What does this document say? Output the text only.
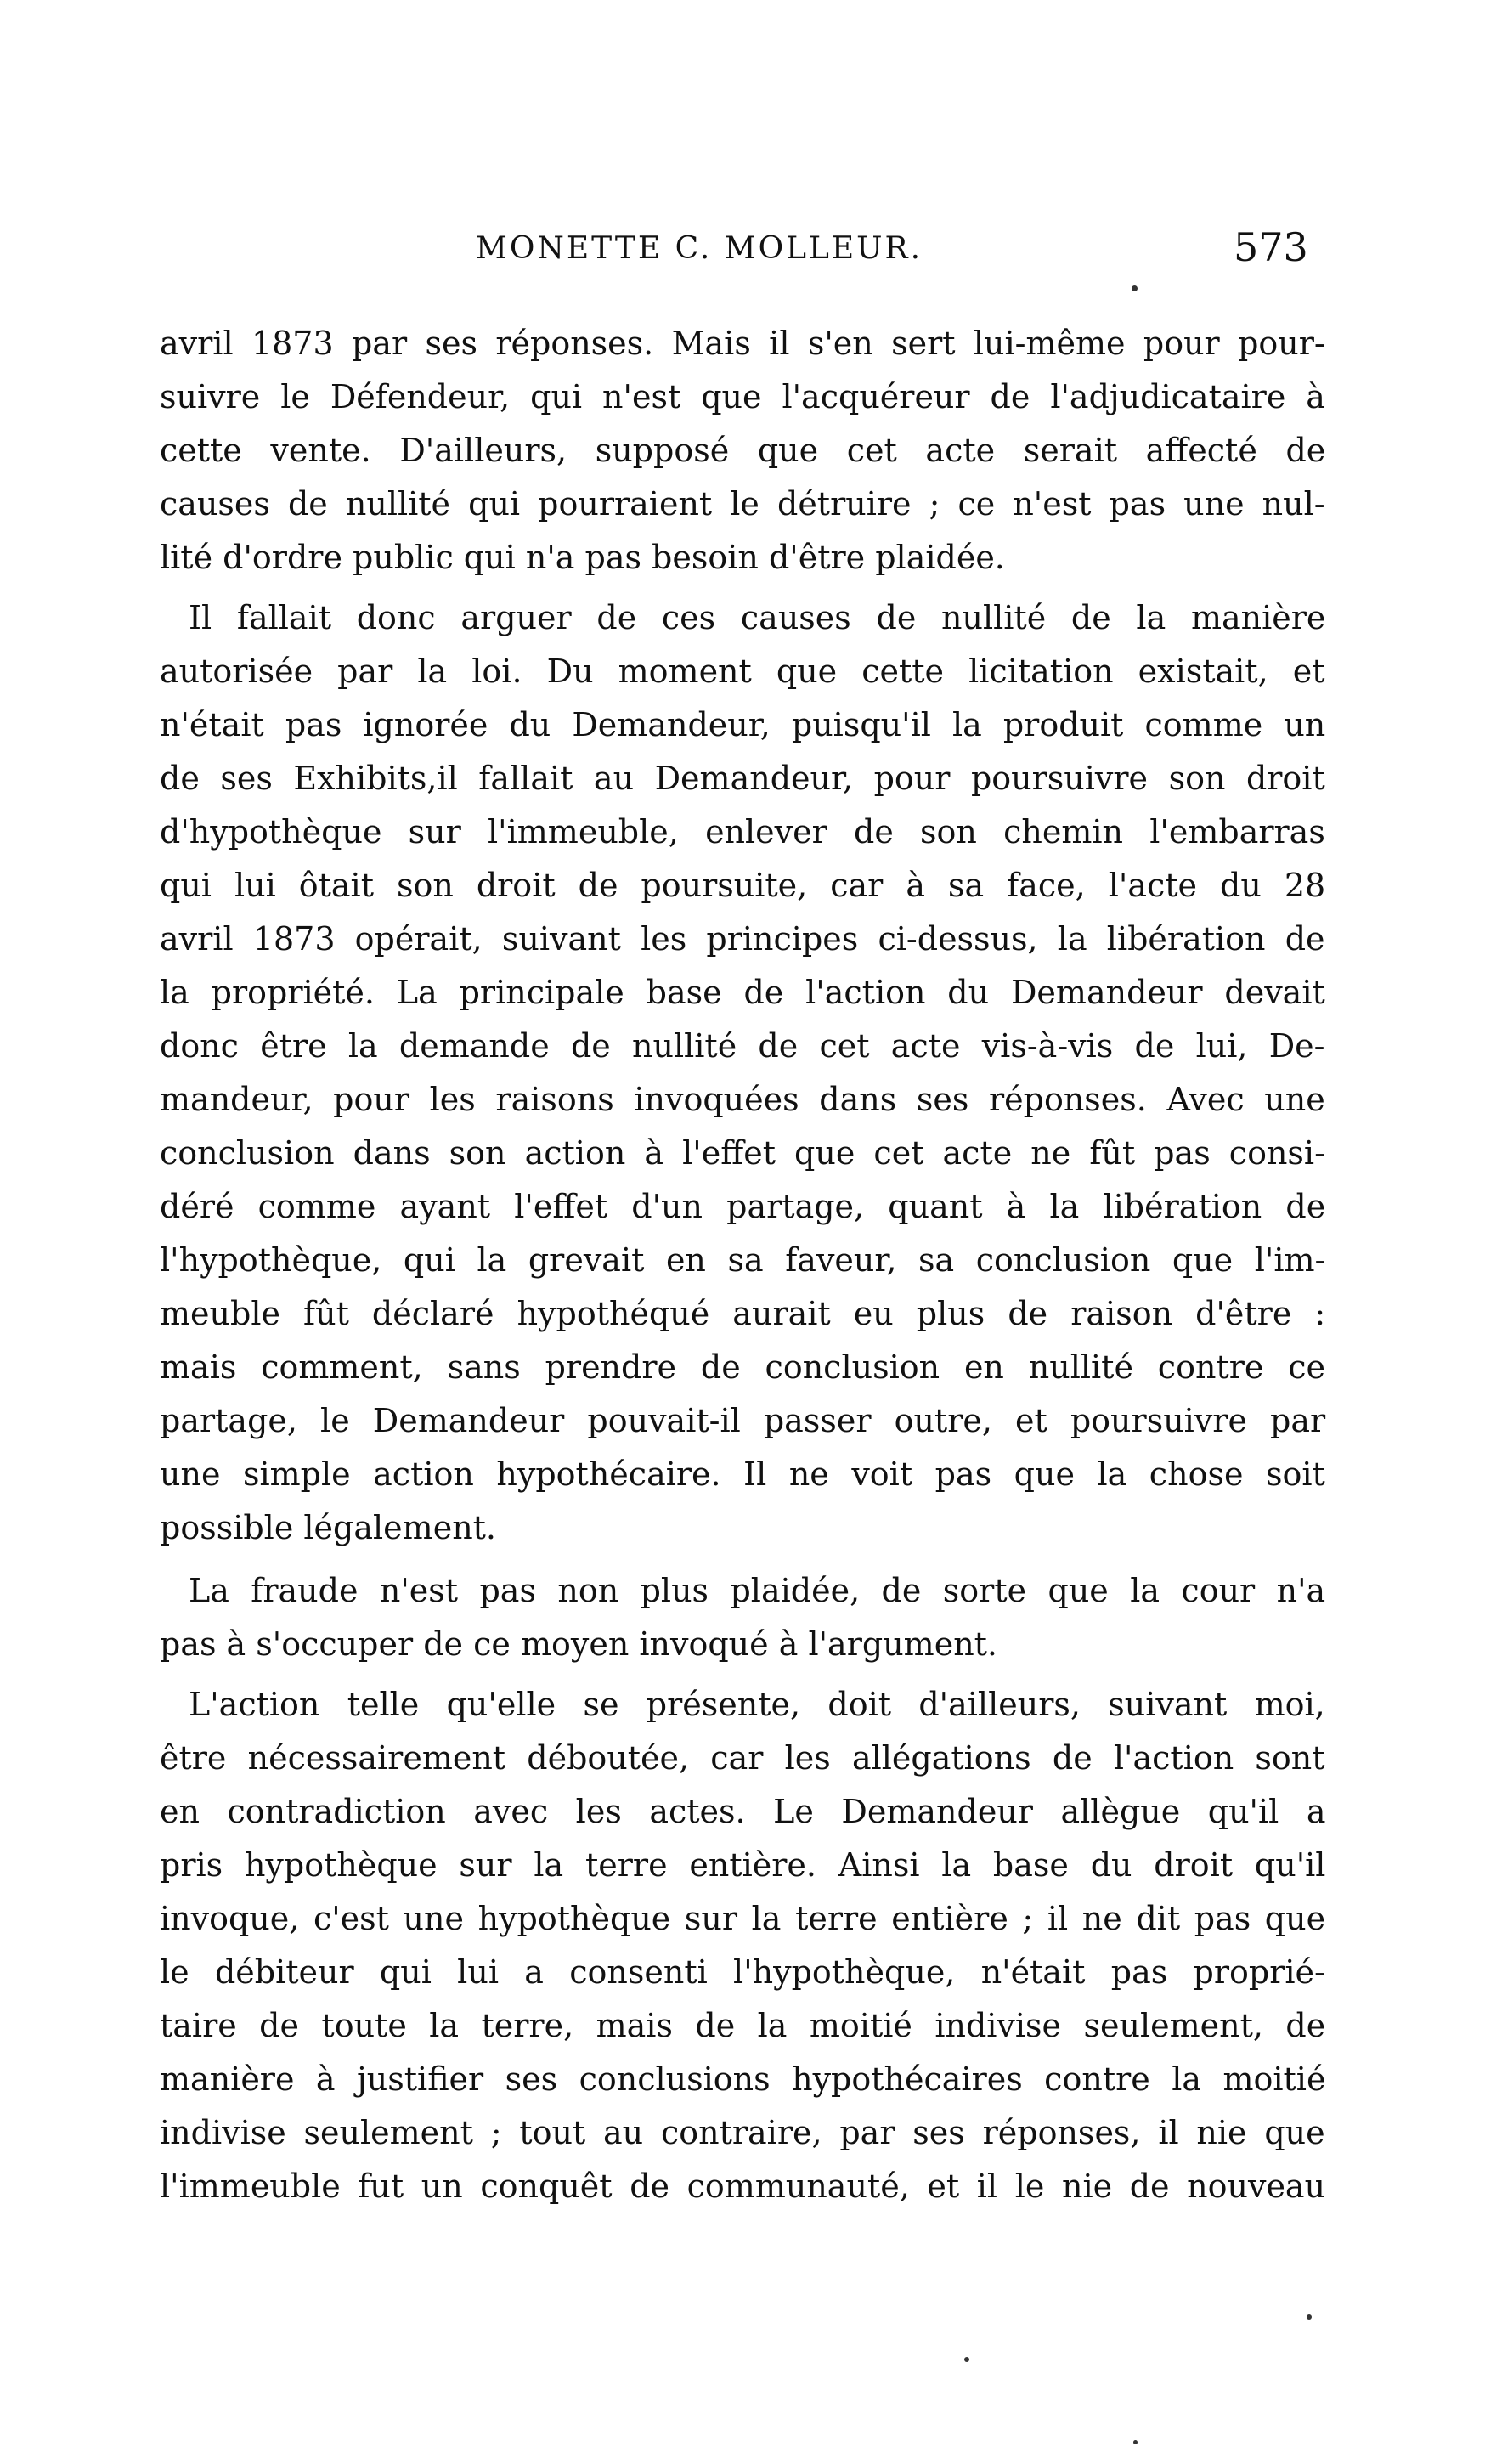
MONETTE C. MOLLEUR.	573
avril 1873 par ses réponses. Mais il s'en sert lui-même pour pour-
suivre le Défendeur, qui n'est que l'acquéreur de l'adjudicataire à
cette vente. D'ailleurs, supposé que cet acte serait affecté de
causes de nullité qui pourraient le détruire ; ce n'est pas une nul-
lité d'ordre public qui n'a pas besoin d'être plaidée.
Il fallait donc arguer de ces causes de nullité de la manière
autorisée par la loi. Du moment que cette licitation existait, et
n'était pas ignorée du Demandeur, puisqu'il la produit comme un
de ses Exhibits,il fallait au Demandeur, pour poursuivre son droit
d'hypothèque sur l'immeuble, enlever de son chemin l'embarras
qui lui ôtait son droit de poursuite, car à sa face, l'acte du 28
avril 1873 opérait, suivant les principes ci-dessus, la libération de
la propriété. La principale base de l'action du Demandeur devait
donc être la demande de nullité de cet acte vis-à-vis de lui, De-
mandeur, pour les raisons invoquées dans ses réponses. Avec une
conclusion dans son action à l'effet que cet acte ne fût pas consi-
déré comme ayant l'effet d'un partage, quant à la libération de
l'hypothèque, qui la grevait en sa faveur, sa conclusion que l'im-
meuble fût déclaré hypothéqué aurait eu plus de raison d'être :
mais comment, sans prendre de conclusion en nullité contre ce
partage, le Demandeur pouvait-il passer outre, et poursuivre par
une simple action hypothécaire. Il ne voit pas que la chose soit
possible légalement.
La fraude n'est pas non plus plaidée, de sorte que la cour n'a
pas à s'occuper de ce moyen invoqué à l'argument.
L'action telle qu'elle se présente, doit d'ailleurs, suivant moi,
être nécessairement déboutée, car les allégations de l'action sont
en contradiction avec les actes. Le Demandeur allègue qu'il a
pris hypothèque sur la terre entière. Ainsi la base du droit qu'il
invoque, c'est une hypothèque sur la terre entière ; il ne dit pas que
le débiteur qui lui a consenti l'hypothèque, n'était pas proprié-
taire de toute la terre, mais de la moitié indivise seulement, de
manière à justifier ses conclusions hypothécaires contre la moitié
indivise seulement ; tout au contraire, par ses réponses, il nie que
l'immeuble fut un conquêt de communauté, et il le nie de nouveau
